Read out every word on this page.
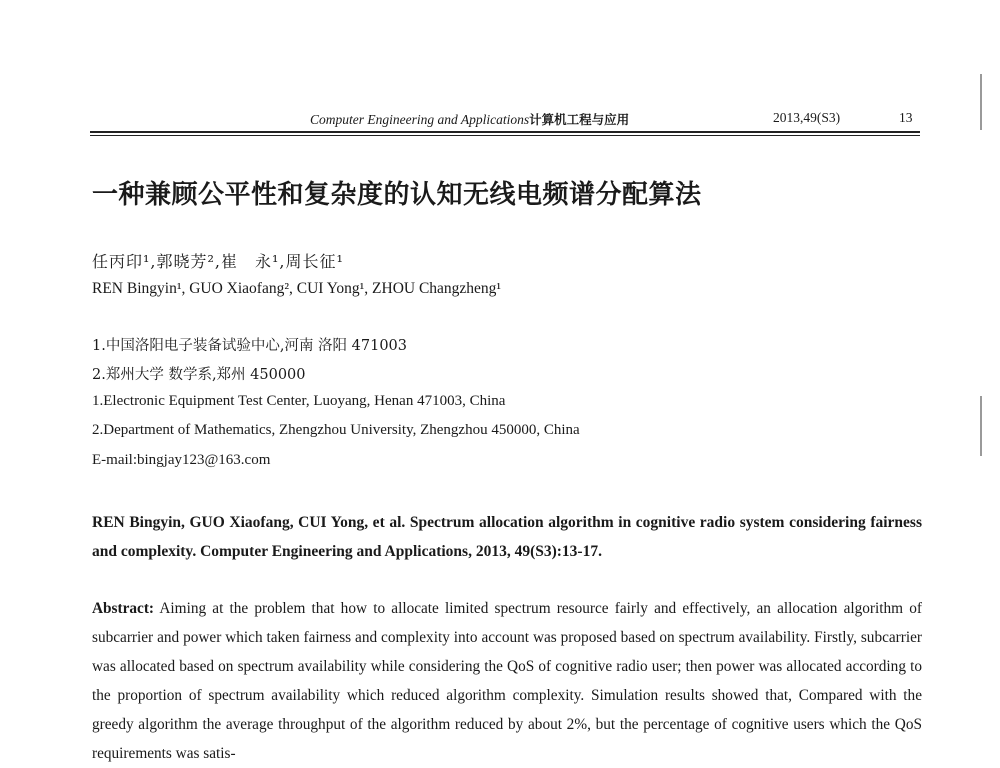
Computer Engineering and Applications计算机工程与应用	2013,49(S3)	13
一种兼顾公平性和复杂度的认知无线电频谱分配算法
任丙印¹,郭晓芳²,崔　永¹,周长征¹
REN Bingyin¹, GUO Xiaofang², CUI Yong¹, ZHOU Changzheng¹
1.中国洛阳电子装备试验中心,河南 洛阳 471003
2.郑州大学 数学系,郑州 450000
1.Electronic Equipment Test Center, Luoyang, Henan 471003, China
2.Department of Mathematics, Zhengzhou University, Zhengzhou 450000, China
E-mail:bingjay123@163.com
REN Bingyin, GUO Xiaofang, CUI Yong, et al. Spectrum allocation algorithm in cognitive radio system considering fairness and complexity. Computer Engineering and Applications, 2013, 49(S3):13-17.
Abstract: Aiming at the problem that how to allocate limited spectrum resource fairly and effectively, an allocation algorithm of subcarrier and power which taken fairness and complexity into account was proposed based on spectrum availability. Firstly, subcarrier was allocated based on spectrum availability while considering the QoS of cognitive radio user; then power was allocated according to the proportion of spectrum availability which reduced algorithm complexity. Simulation results showed that, Compared with the greedy algorithm the average throughput of the algorithm reduced by about 2%, but the percentage of cognitive users which the QoS requirements was satis-
